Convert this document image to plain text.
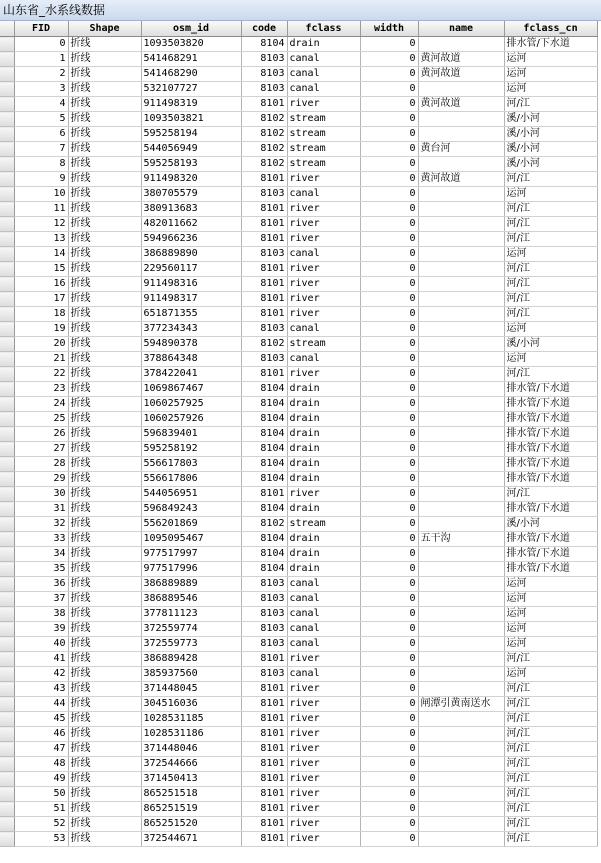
山东省_水系线数据
	FID	Shape	osm_id	code	fclass	width	name	fclass_cn
	0	折线	1093503820	8104	drain	0		排水管/下水道
	1	折线	541468291	8103	canal	0	黄河故道	运河
	2	折线	541468290	8103	canal	0	黄河故道	运河
	3	折线	532107727	8103	canal	0		运河
	4	折线	911498319	8101	river	0	黄河故道	河/江
	5	折线	1093503821	8102	stream	0		溪/小河
	6	折线	595258194	8102	stream	0		溪/小河
	7	折线	544056949	8102	stream	0	黄台河	溪/小河
	8	折线	595258193	8102	stream	0		溪/小河
	9	折线	911498320	8101	river	0	黄河故道	河/江
	10	折线	380705579	8103	canal	0		运河
	11	折线	380913683	8101	river	0		河/江
	12	折线	482011662	8101	river	0		河/江
	13	折线	594966236	8101	river	0		河/江
	14	折线	386889890	8103	canal	0		运河
	15	折线	229560117	8101	river	0		河/江
	16	折线	911498316	8101	river	0		河/江
	17	折线	911498317	8101	river	0		河/江
	18	折线	651871355	8101	river	0		河/江
	19	折线	377234343	8103	canal	0		运河
	20	折线	594890378	8102	stream	0		溪/小河
	21	折线	378864348	8103	canal	0		运河
	22	折线	378422041	8101	river	0		河/江
	23	折线	1069867467	8104	drain	0		排水管/下水道
	24	折线	1060257925	8104	drain	0		排水管/下水道
	25	折线	1060257926	8104	drain	0		排水管/下水道
	26	折线	596839401	8104	drain	0		排水管/下水道
	27	折线	595258192	8104	drain	0		排水管/下水道
	28	折线	556617803	8104	drain	0		排水管/下水道
	29	折线	556617806	8104	drain	0		排水管/下水道
	30	折线	544056951	8101	river	0		河/江
	31	折线	596849243	8104	drain	0		排水管/下水道
	32	折线	556201869	8102	stream	0		溪/小河
	33	折线	1095095467	8104	drain	0	五干沟	排水管/下水道
	34	折线	977517997	8104	drain	0		排水管/下水道
	35	折线	977517996	8104	drain	0		排水管/下水道
	36	折线	386889889	8103	canal	0		运河
	37	折线	386889546	8103	canal	0		运河
	38	折线	377811123	8103	canal	0		运河
	39	折线	372559774	8103	canal	0		运河
	40	折线	372559773	8103	canal	0		运河
	41	折线	386889428	8101	river	0		河/江
	42	折线	385937560	8103	canal	0		运河
	43	折线	371448045	8101	river	0		河/江
	44	折线	304516036	8101	river	0	闸潭引黄南送水	河/江
	45	折线	1028531185	8101	river	0		河/江
	46	折线	1028531186	8101	river	0		河/江
	47	折线	371448046	8101	river	0		河/江
	48	折线	372544666	8101	river	0		河/江
	49	折线	371450413	8101	river	0		河/江
	50	折线	865251518	8101	river	0		河/江
	51	折线	865251519	8101	river	0		河/江
	52	折线	865251520	8101	river	0		河/江
	53	折线	372544671	8101	river	0		河/江
